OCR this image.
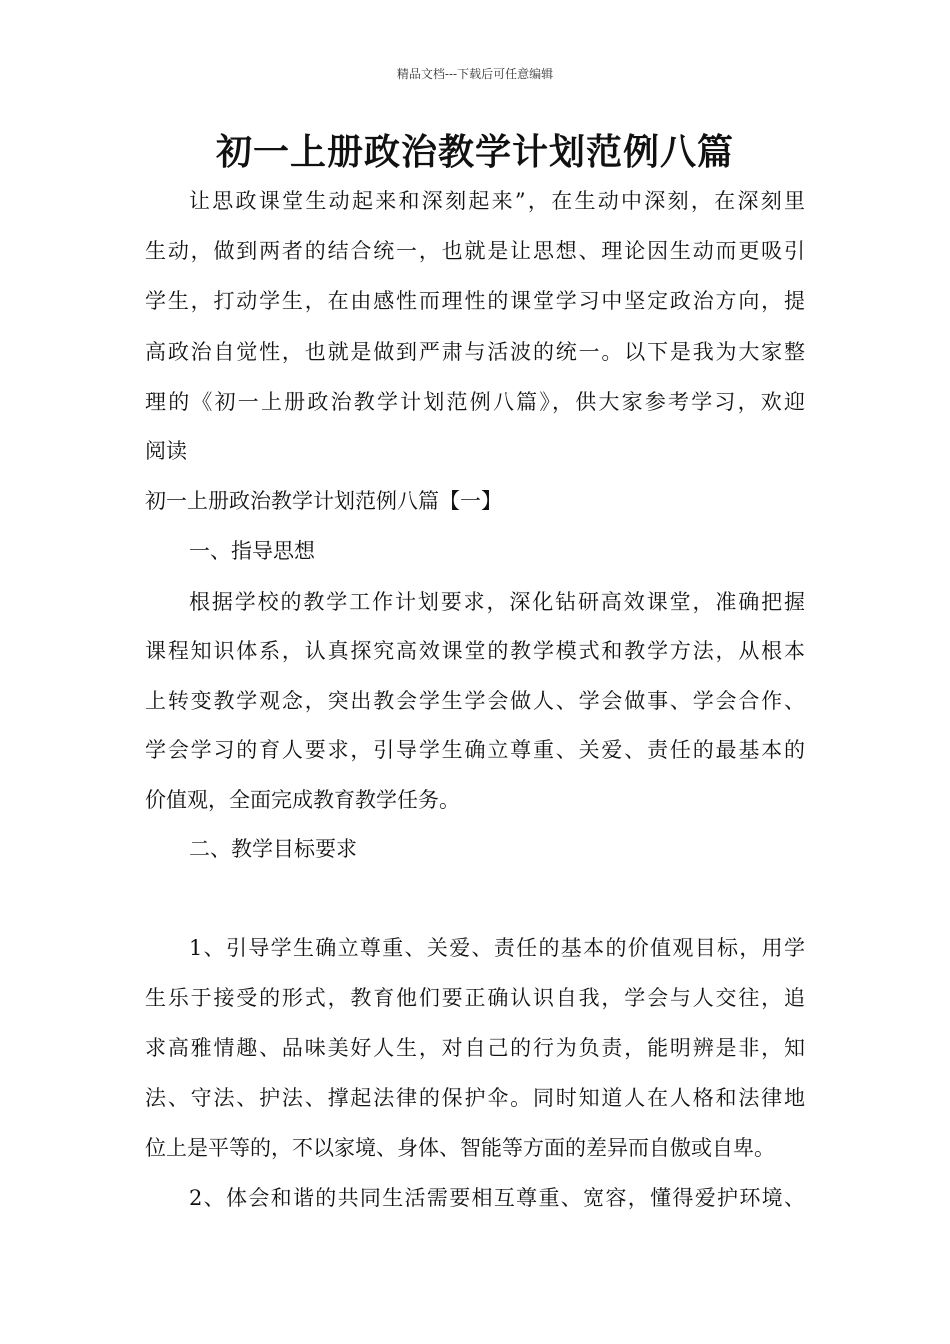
精品文档---下载后可任意编辑
初一上册政治教学计划范例八篇
让思政课堂生动起来和深刻起来”，在生动中深刻，在深刻里
生动，做到两者的结合统一，也就是让思想、理论因生动而更吸引
学生，打动学生，在由感性而理性的课堂学习中坚定政治方向，提
高政治自觉性，也就是做到严肃与活波的统一。以下是我为大家整
理的《初一上册政治教学计划范例八篇》，供大家参考学习，欢迎
阅读
初一上册政治教学计划范例八篇【一】
一、指导思想
根据学校的教学工作计划要求，深化钻研高效课堂，准确把握
课程知识体系，认真探究高效课堂的教学模式和教学方法，从根本
上转变教学观念，突出教会学生学会做人、学会做事、学会合作、
学会学习的育人要求，引导学生确立尊重、关爱、责任的最基本的
价值观，全面完成教育教学任务。
二、教学目标要求
1、引导学生确立尊重、关爱、责任的基本的价值观目标，用学
生乐于接受的形式，教育他们要正确认识自我，学会与人交往，追
求高雅情趣、品味美好人生，对自己的行为负责，能明辨是非，知
法、守法、护法、撑起法律的保护伞。同时知道人在人格和法律地
位上是平等的，不以家境、身体、智能等方面的差异而自傲或自卑。
2、体会和谐的共同生活需要相互尊重、宽容，懂得爱护环境、
